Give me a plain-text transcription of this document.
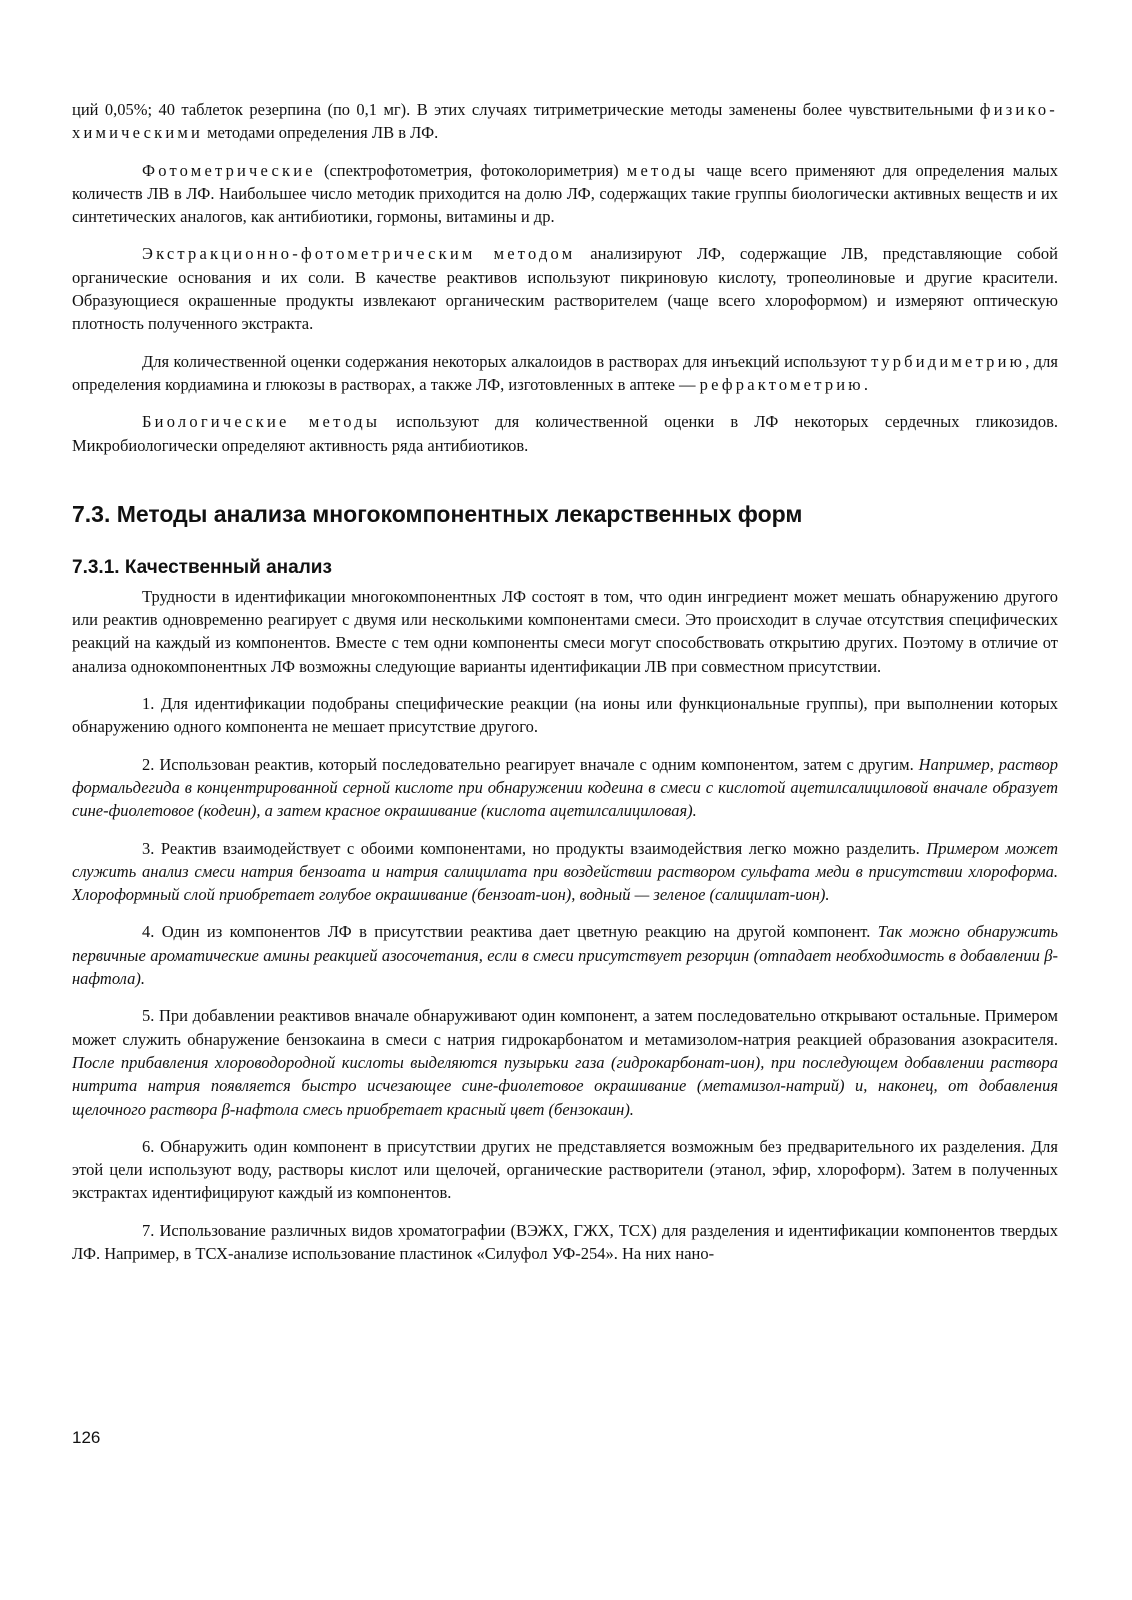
ций 0,05%; 40 таблеток резерпина (по 0,1 мг). В этих случаях титриметрические методы заменены более чувствительными физико-химическими методами определения ЛВ в ЛФ.

Фотометрические (спектрофотометрия, фотоколориметрия) методы чаще всего применяют для определения малых количеств ЛВ в ЛФ. Наибольшее число методик приходится на долю ЛФ, содержащих такие группы биологически активных веществ и их синтетических аналогов, как антибиотики, гормоны, витамины и др.

Экстракционно-фотометрическим методом анализируют ЛФ, содержащие ЛВ, представляющие собой органические основания и их соли. В качестве реактивов используют пикриновую кислоту, тропеолиновые и другие красители. Образующиеся окрашенные продукты извлекают органическим растворителем (чаще всего хлороформом) и измеряют оптическую плотность полученного экстракта.

Для количественной оценки содержания некоторых алкалоидов в растворах для инъекций используют турбидиметрию, для определения кордиамина и глюкозы в растворах, а также ЛФ, изготовленных в аптеке — рефрактометрию.

Биологические методы используют для количественной оценки в ЛФ некоторых сердечных гликозидов. Микробиологически определяют активность ряда антибиотиков.

7.3. Методы анализа многокомпонентных лекарственных форм
7.3.1. Качественный анализ

Трудности в идентификации многокомпонентных ЛФ состоят в том, что один ингредиент может мешать обнаружению другого или реактив одновременно реагирует с двумя или несколькими компонентами смеси. Это происходит в случае отсутствия специфических реакций на каждый из компонентов. Вместе с тем одни компоненты смеси могут способствовать открытию других. Поэтому в отличие от анализа однокомпонентных ЛФ возможны следующие варианты идентификации ЛВ при совместном присутствии.

1. Для идентификации подобраны специфические реакции (на ионы или функциональные группы), при выполнении которых обнаружению одного компонента не мешает присутствие другого.

2. Использован реактив, который последовательно реагирует вначале с одним компонентом, затем с другим. Например, раствор формальдегида в концентрированной серной кислоте при обнаружении кодеина в смеси с кислотой ацетилсалициловой вначале образует сине-фиолетовое (кодеин), а затем красное окрашивание (кислота ацетилсалициловая).

3. Реактив взаимодействует с обоими компонентами, но продукты взаимодействия легко можно разделить. Примером может служить анализ смеси натрия бензоата и натрия салицилата при воздействии раствором сульфата меди в присутствии хлороформа. Хлороформный слой приобретает голубое окрашивание (бензоат-ион), водный — зеленое (салицилат-ион).

4. Один из компонентов ЛФ в присутствии реактива дает цветную реакцию на другой компонент. Так можно обнаружить первичные ароматические амины реакцией азосочетания, если в смеси присутствует резорцин (отпадает необходимость в добавлении β-нафтола).

5. При добавлении реактивов вначале обнаруживают один компонент, а затем последовательно открывают остальные. Примером может служить обнаружение бензокаина в смеси с натрия гидрокарбонатом и метамизолом-натрия реакцией образования азокрасителя. После прибавления хлороводородной кислоты выделяются пузырьки газа (гидрокарбонат-ион), при последующем добавлении раствора нитрита натрия появляется быстро исчезающее сине-фиолетовое окрашивание (метамизол-натрий) и, наконец, от добавления щелочного раствора β-нафтола смесь приобретает красный цвет (бензокаин).

6. Обнаружить один компонент в присутствии других не представляется возможным без предварительного их разделения. Для этой цели используют воду, растворы кислот или щелочей, органические растворители (этанол, эфир, хлороформ). Затем в полученных экстрактах идентифицируют каждый из компонентов.

7. Использование различных видов хроматографии (ВЭЖХ, ГЖХ, ТСХ) для разделения и идентификации компонентов твердых ЛФ. Например, в ТСХ-анализе использование пластинок «Силуфол УФ-254». На них нано-

126
